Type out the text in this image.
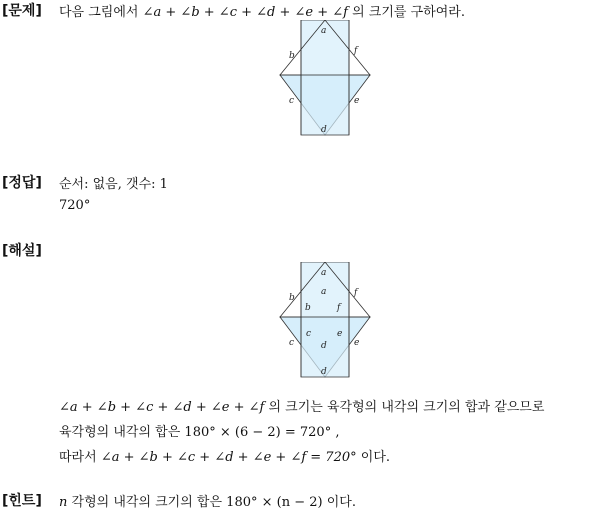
[문제] 다음 그림에서 ∠a + ∠b + ∠c + ∠d + ∠e + ∠f 의 크기를 구하여라.
a
b
c
d
e
f
[정답] 순서: 없음, 갯수: 1
720°
[해설]
a
a
b
b
c
c
d
d
e
e
f
f
∠a + ∠b + ∠c + ∠d + ∠e + ∠f 의 크기는 육각형의 내각의 크기의 합과 같으므로
육각형의 내각의 합은 180° × (6 − 2) = 720° ,
따라서 ∠a + ∠b + ∠c + ∠d + ∠e + ∠f = 720° 이다.
[힌트] n 각형의 내각의 크기의 합은 180° × (n − 2) 이다.
